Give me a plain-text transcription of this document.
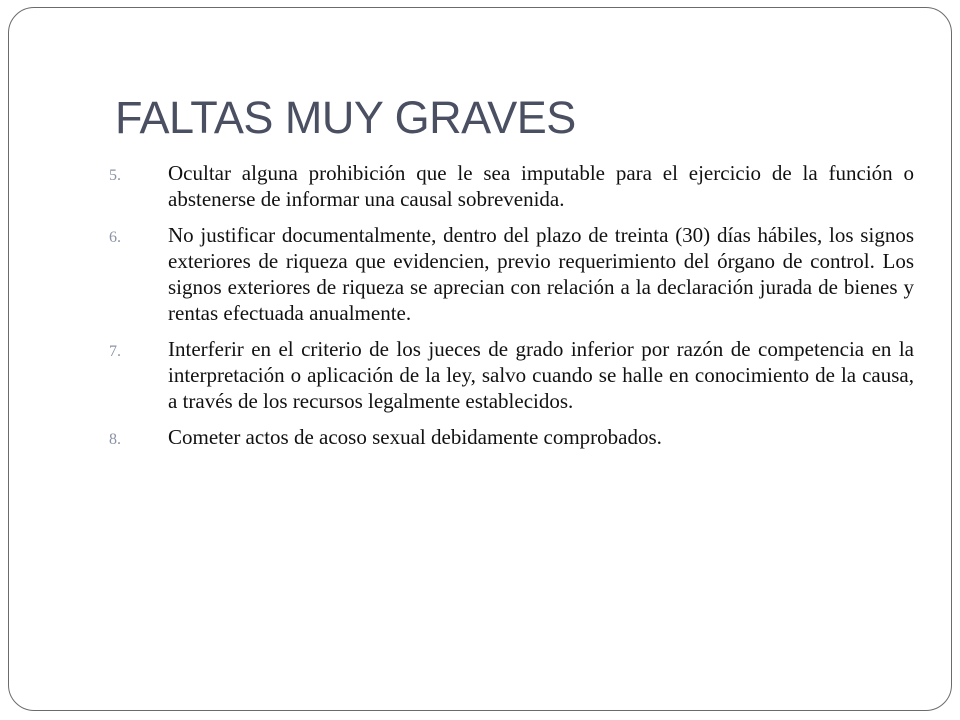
FALTAS MUY GRAVES
5.	Ocultar alguna prohibición que le sea imputable para el ejercicio de la función o abstenerse de informar una causal sobrevenida.
6.	No justificar documentalmente, dentro del plazo de treinta (30) días hábiles, los signos exteriores de riqueza que evidencien, previo requerimiento del órgano de control. Los signos exteriores de riqueza se aprecian con relación a la declaración jurada de bienes y rentas efectuada anualmente.
7.	Interferir en el criterio de los jueces de grado inferior por razón de competencia en la interpretación o aplicación de la ley, salvo cuando se halle en conocimiento de la causa, a través de los recursos legalmente establecidos.
8.	Cometer actos de acoso sexual debidamente comprobados.
